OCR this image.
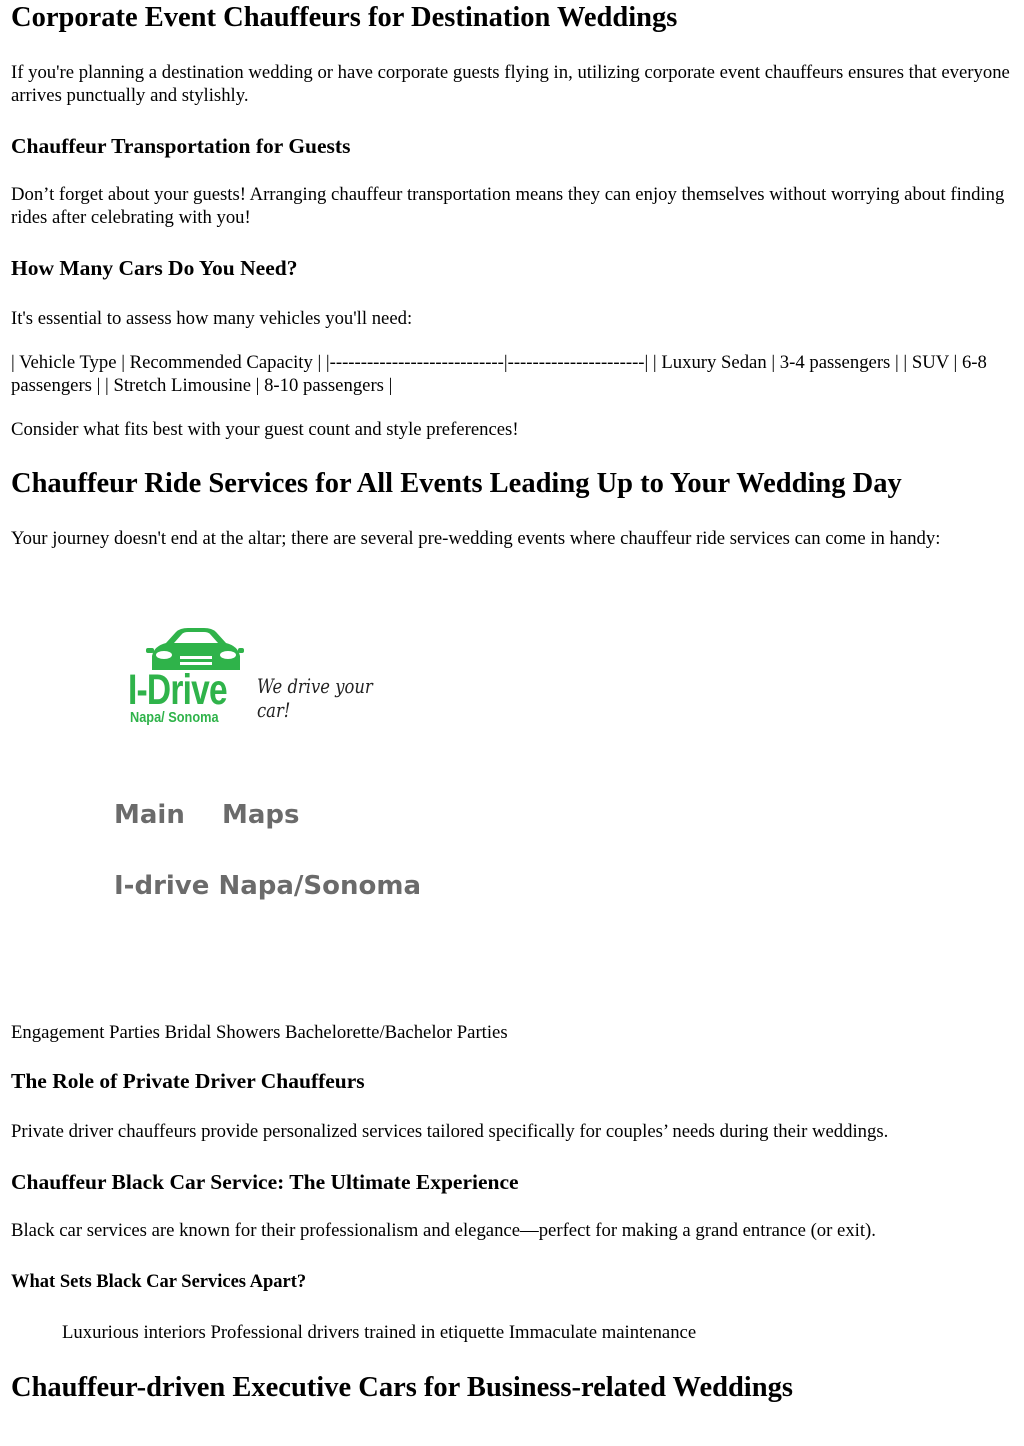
Corporate Event Chauffeurs for Destination Weddings

If you're planning a destination wedding or have corporate guests flying in, utilizing corporate event chauffeurs ensures that everyone arrives punctually and stylishly.

Chauffeur Transportation for Guests

Don’t forget about your guests! Arranging chauffeur transportation means they can enjoy themselves without worrying about finding rides after celebrating with you!

How Many Cars Do You Need?

It's essential to assess how many vehicles you'll need:

| Vehicle Type | Recommended Capacity | |----------------------------|----------------------| | Luxury Sedan | 3-4 passengers | | SUV | 6-8 passengers | | Stretch Limousine | 8-10 passengers |

Consider what fits best with your guest count and style preferences!

Chauffeur Ride Services for All Events Leading Up to Your Wedding Day

Your journey doesn't end at the altar; there are several pre-wedding events where chauffeur ride services can come in handy:

Engagement Parties Bridal Showers Bachelorette/Bachelor Parties

The Role of Private Driver Chauffeurs

Private driver chauffeurs provide personalized services tailored specifically for couples’ needs during their weddings.

Chauffeur Black Car Service: The Ultimate Experience

Black car services are known for their professionalism and elegance—perfect for making a grand entrance (or exit).

What Sets Black Car Services Apart?

Luxurious interiors Professional drivers trained in etiquette Immaculate maintenance

Chauffeur-driven Executive Cars for Business-related Weddings
I-Drive
Napa/ Sonoma
We drive your car!
Main Maps
I-drive Napa/Sonoma
